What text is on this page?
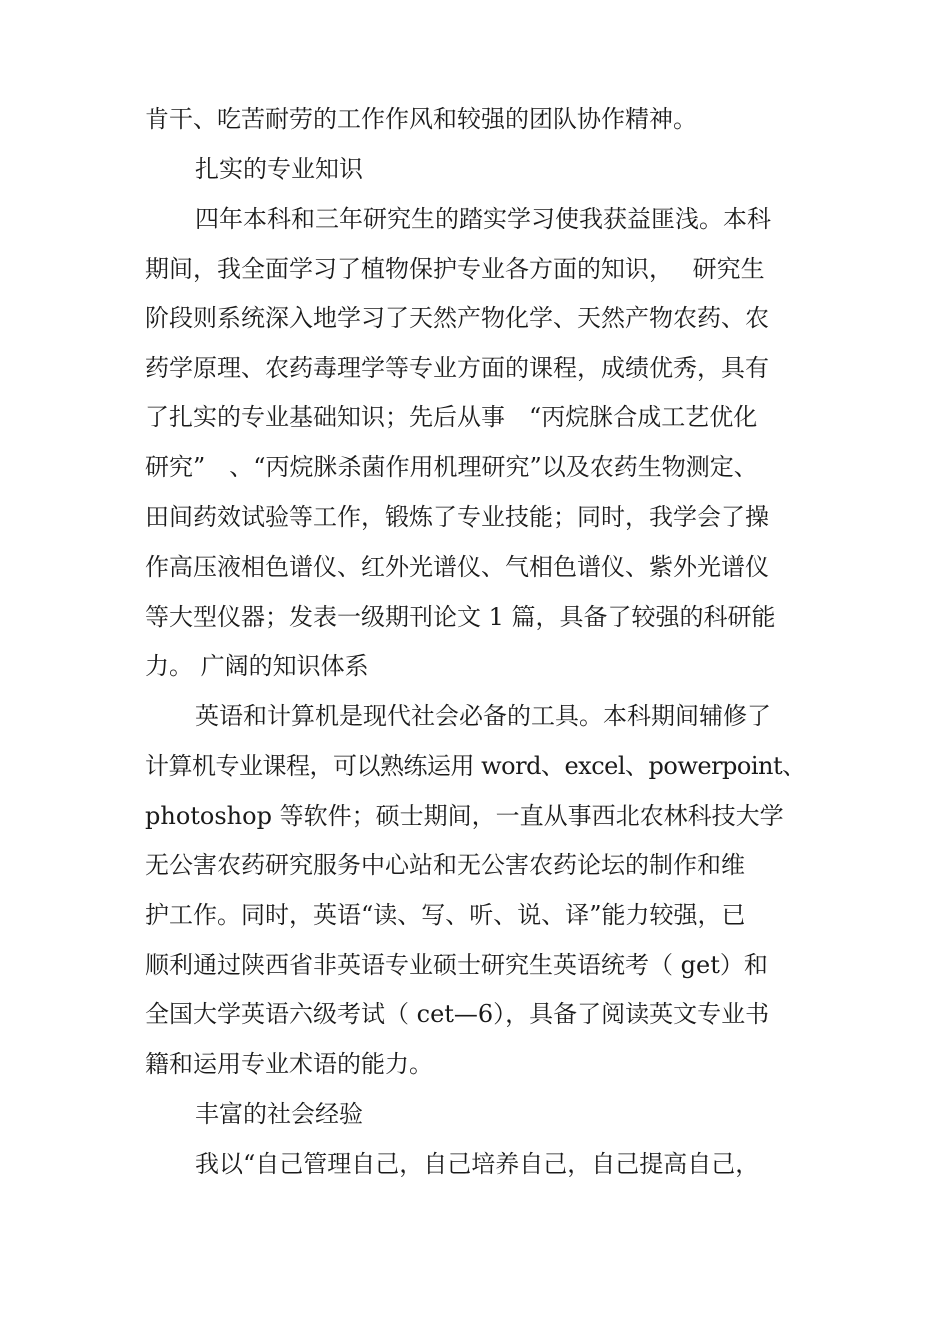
肯干、吃苦耐劳的工作作风和较强的团队协作精神。
扎实的专业知识
四年本科和三年研究生的踏实学习使我获益匪浅。本科
期间，我全面学习了植物保护专业各方面的知识，　 研究生
阶段则系统深入地学习了天然产物化学、天然产物农药、农
药学原理、农药毒理学等专业方面的课程，成绩优秀，具有
了扎实的专业基础知识；先后从事　“丙烷脒合成工艺优化
研究”　、“丙烷脒杀菌作用机理研究”以及农药生物测定、
田间药效试验等工作，锻炼了专业技能；同时，我学会了操
作高压液相色谱仪、红外光谱仪、气相色谱仪、紫外光谱仪
等大型仪器；发表一级期刊论文 1 篇，具备了较强的科研能
力。 广阔的知识体系
英语和计算机是现代社会必备的工具。本科期间辅修了
计算机专业课程，可以熟练运用 word、excel、powerpoint、
photoshop 等软件；硕士期间，一直从事西北农林科技大学
无公害农药研究服务中心站和无公害农药论坛的制作和维
护工作。同时，英语“读、写、听、说、译”能力较强，已
顺利通过陕西省非英语专业硕士研究生英语统考（ get）和
全国大学英语六级考试（ cet—6），具备了阅读英文专业书
籍和运用专业术语的能力。
丰富的社会经验
我以“自己管理自己，自己培养自己，自己提高自己，
